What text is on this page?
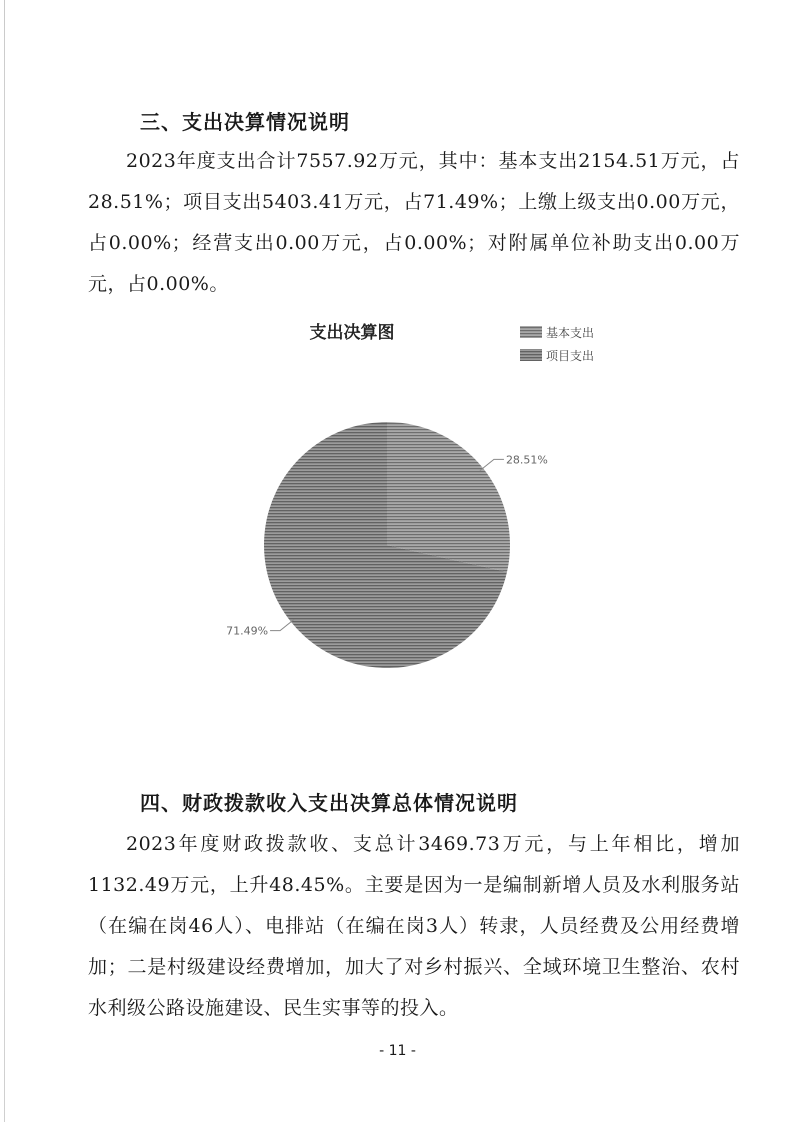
三、支出决算情况说明

2023年度支出合计7557.92万元，其中：基本支出2154.51万元，占28.51%；项目支出5403.41万元，占71.49%；上缴上级支出0.00万元，占0.00%；经营支出0.00万元，占0.00%；对附属单位补助支出0.00万元，占0.00%。

支出决算图	基本支出
项目支出
28.51%
71.49%
四、财政拨款收入支出决算总体情况说明

2023年度财政拨款收、支总计3469.73万元，与上年相比，增加1132.49万元，上升48.45%。主要是因为一是编制新增人员及水利服务站（在编在岗46人）、电排站（在编在岗3人）转隶，人员经费及公用经费增加；二是村级建设经费增加，加大了对乡村振兴、全域环境卫生整治、农村水利级公路设施建设、民生实事等的投入。

- 11 -
